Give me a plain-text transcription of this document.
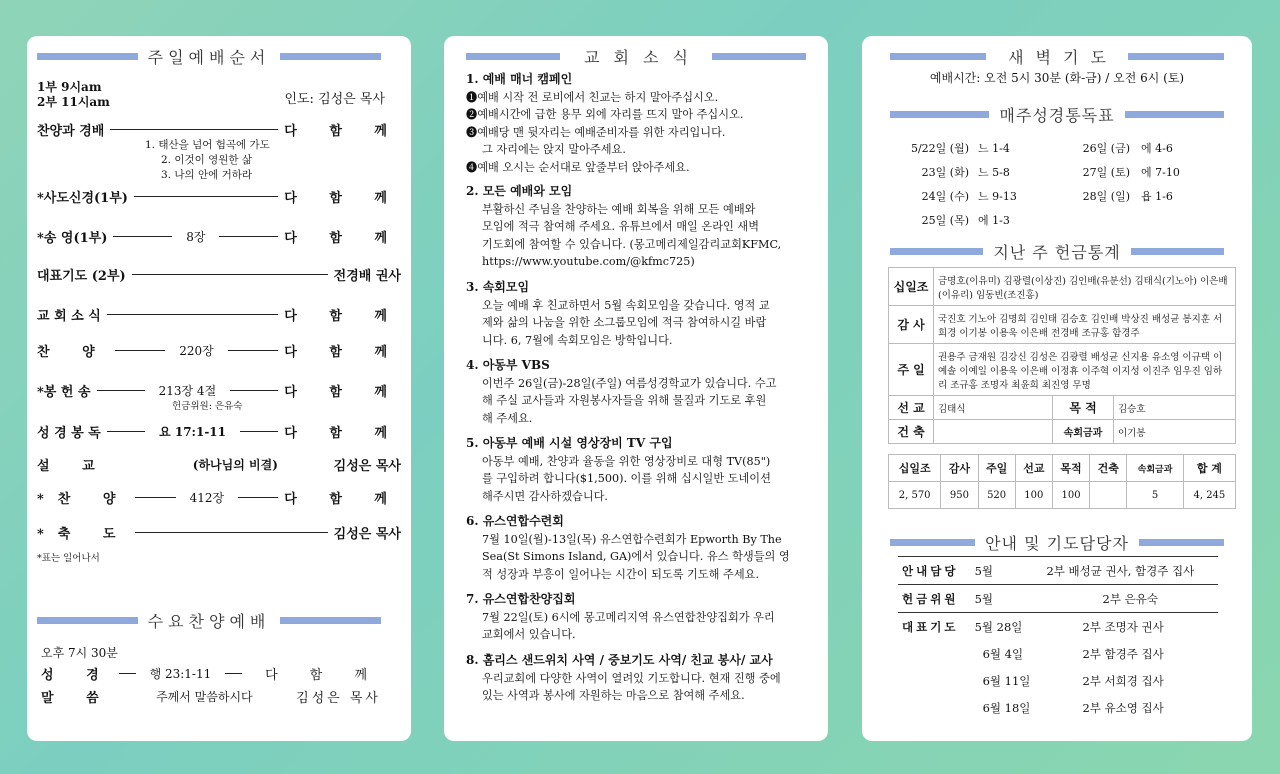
주일예배순서
1부 9시am
2부 11시am	인도: 김성은 목사
찬양과 경배	다 함 께
1. 태산을 넘어 험곡에 가도
2. 이것이 영원한 삶
3. 나의 안에 거하라
*사도신경(1부)	다 함 께
*송 영(1부)	8장	다 함 께
대표기도 (2부)	전경배 권사
교 회 소 식	다 함 께
찬 양	220장	다 함 께
*봉 헌 송	213장 4절	다 함 께
헌금위원: 은유숙
성 경 봉 독	요 17:1-11	다 함 께
설 교	(하나님의 비결)	김성은 목사
*찬 양	412장	다 함 께
*축 도	김성은 목사
*표는 일어나서
수요찬양예배
오후 7시 30분
성 경	행 23:1-11	다 함 께
말 씀	주께서 말씀하시다	김성은 목사
교회소식
1. 예배 매너 캠페인
❶예배 시작 전 로비에서 친교는 하지 말아주십시오.
❷예배시간에 급한 용무 외에 자리를 뜨지 말아 주십시오.
❸예배당 맨 뒷자리는 예배준비자를 위한 자리입니다.
그 자리에는 앉지 말아주세요.
❹예배 오시는 순서대로 앞줄부터 앉아주세요.
2. 모든 예배와 모임
부활하신 주님을 찬양하는 예배 회복을 위해 모든 예배와
모임에 적극 참여해 주세요. 유튜브에서 매일 온라인 새벽
기도회에 참여할 수 있습니다. (몽고메리제일감리교회KFMC,
https://www.youtube.com/@kfmc725)
3. 속회모임
오늘 예배 후 친교하면서 5월 속회모임을 갖습니다. 영적 교
제와 삶의 나눔을 위한 소그룹모임에 적극 참여하시길 바랍
니다. 6, 7월에 속회모임은 방학입니다.
4. 아동부 VBS
이번주 26일(금)-28일(주일) 여름성경학교가 있습니다. 수고
해 주실 교사들과 자원봉사자들을 위해 물질과 기도로 후원
해 주세요.
5. 아동부 예배 시설 영상장비 TV 구입
아동부 예배, 찬양과 율동을 위한 영상장비로 대형 TV(85")
를 구입하려 합니다($1,500). 이를 위해 십시일반 도네이션
해주시면 감사하겠습니다.
6. 유스연합수련회
7월 10일(월)-13일(목) 유스연합수련회가 Epworth By The
Sea(St Simons Island, GA)에서 있습니다. 유스 학생들의 영
적 성장과 부흥이 일어나는 시간이 되도록 기도해 주세요.
7. 유스연합찬양집회
7월 22일(토) 6시에 몽고메리지역 유스연합찬양집회가 우리
교회에서 있습니다.
8. 홈리스 샌드위치 사역 / 중보기도 사역/ 친교 봉사/ 교사
우리교회에 다양한 사역이 열려있 기도합니다. 현재 진행 중에
있는 사역과 봉사에 자원하는 마음으로 참여해 주세요.
새벽기도
예배시간: 오전 5시 30분 (화-금) / 오전 6시 (토)
매주성경통독표
5/22일 (월)	느 1-4	26일 (금)	에 4-6
23일 (화)	느 5-8	27일 (토)	에 7-10
24일 (수)	느 9-13	28일 (일)	욥 1-6
25일 (목)	에 1-3		
지난 주 헌금통계
십일조	금명호(이유미) 김광렬(이상진) 김인배(유분선) 김태식(기노아) 이은배(이유리) 임동빈(조진홍)		
감 사	국진호 기노아 김명희 김인태 김승호 김인배 박상진 배성균 봉지훈 서희경 이기봉 이용욱 이은배 전경배 조규홍 함경주		
주 일	권용주 금재원 김강신 김성은 김광렬 배성균 신지용 유소영 이규택 이예솔 이예일 이용욱 이은배 이정휴 이주혁 이지성 이진주 임우진 임하리 조규홍 조명자 최윤희 최진영 무명		
선 교	김태식	목 적	김승호
건 축		속회금과	이기봉
십일조	감사	주일	선교	목적	건축	속회금과	합 계
2, 570	950	520	100	100		5	4, 245
안내 및 기도담당자
안내담당	5월	2부 배성균 권사, 함경주 집사
헌금위원	5월	2부 은유숙
대표기도	5월 28일	2부 조명자 권사
	6월 4일	2부 함경주 집사
	6월 11일	2부 서희경 집사
	6월 18일	2부 유소영 집사
